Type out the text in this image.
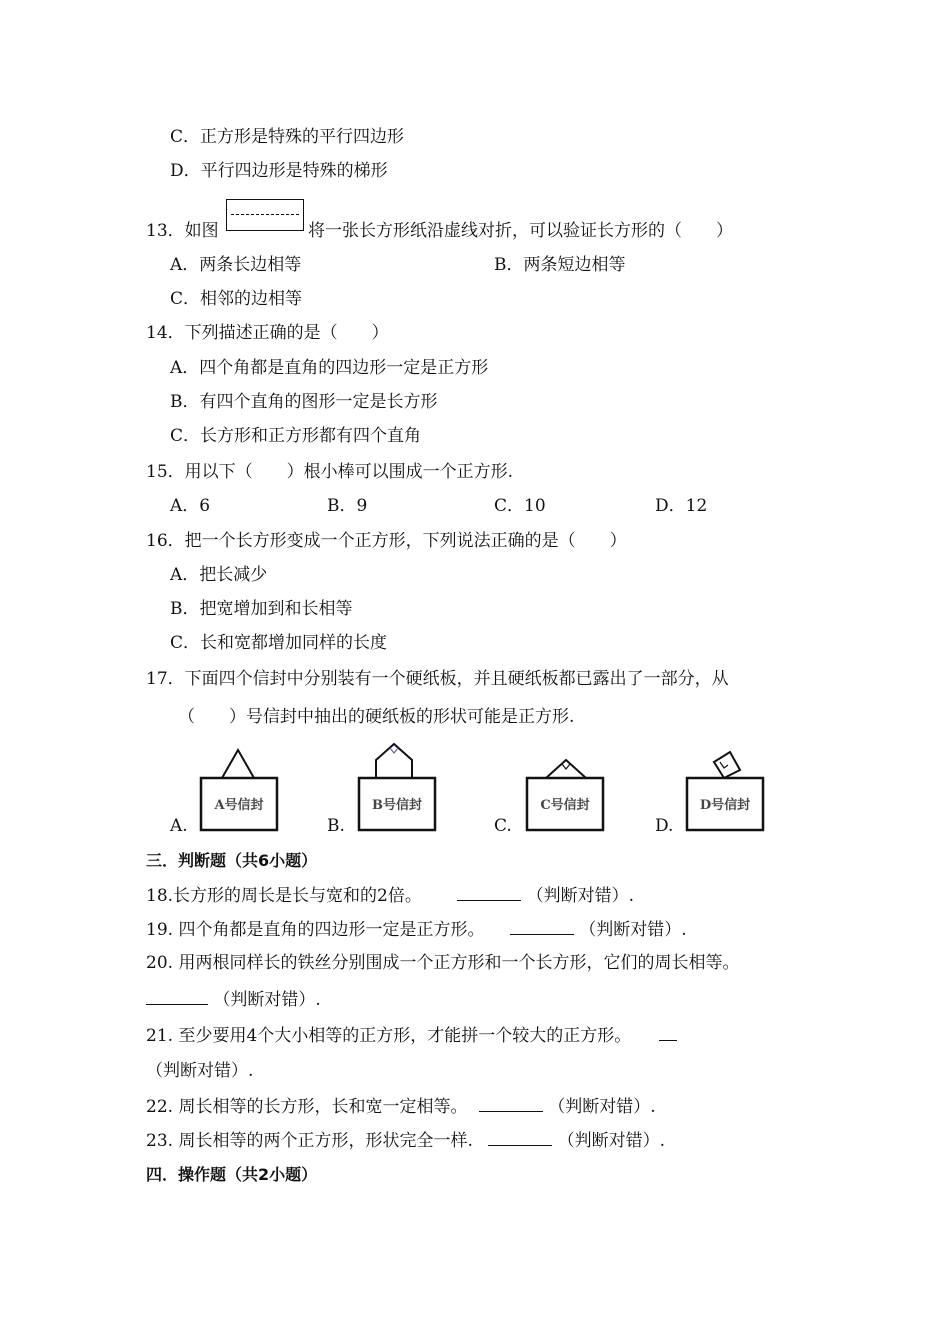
C．正方形是特殊的平行四边形
D．平行四边形是特殊的梯形
13．如图	将一张长方形纸沿虚线对折，可以验证长方形的（　　）
A．两条长边相等	B．两条短边相等
C．相邻的边相等
14．下列描述正确的是（　　）
A．四个角都是直角的四边形一定是正方形
B．有四个直角的图形一定是长方形
C．长方形和正方形都有四个直角
15．用以下（　　）根小棒可以围成一个正方形.
A．6	B．9	C．10	D．12
16．把一个长方形变成一个正方形，下列说法正确的是（　　）
A．把长减少
B．把宽增加到和长相等
C．长和宽都增加同样的长度
17．下面四个信封中分别装有一个硬纸板，并且硬纸板都已露出了一部分，从
（　　）号信封中抽出的硬纸板的形状可能是正方形.
A.
A号信封
B.
B号信封
C.
C号信封
D.
D号信封
三．判断题（共6小题）
18.长方形的周长是长与宽和的2倍。	（判断对错）.
19. 四个角都是直角的四边形一定是正方形。	（判断对错）.
20. 用两根同样长的铁丝分别围成一个正方形和一个长方形，它们的周长相等。
（判断对错）.
21. 至少要用4个大小相等的正方形，才能拼一个较大的正方形。
（判断对错）.
22. 周长相等的长方形，长和宽一定相等。	（判断对错）.
23. 周长相等的两个正方形，形状完全一样.	（判断对错）.
四．操作题（共2小题）
